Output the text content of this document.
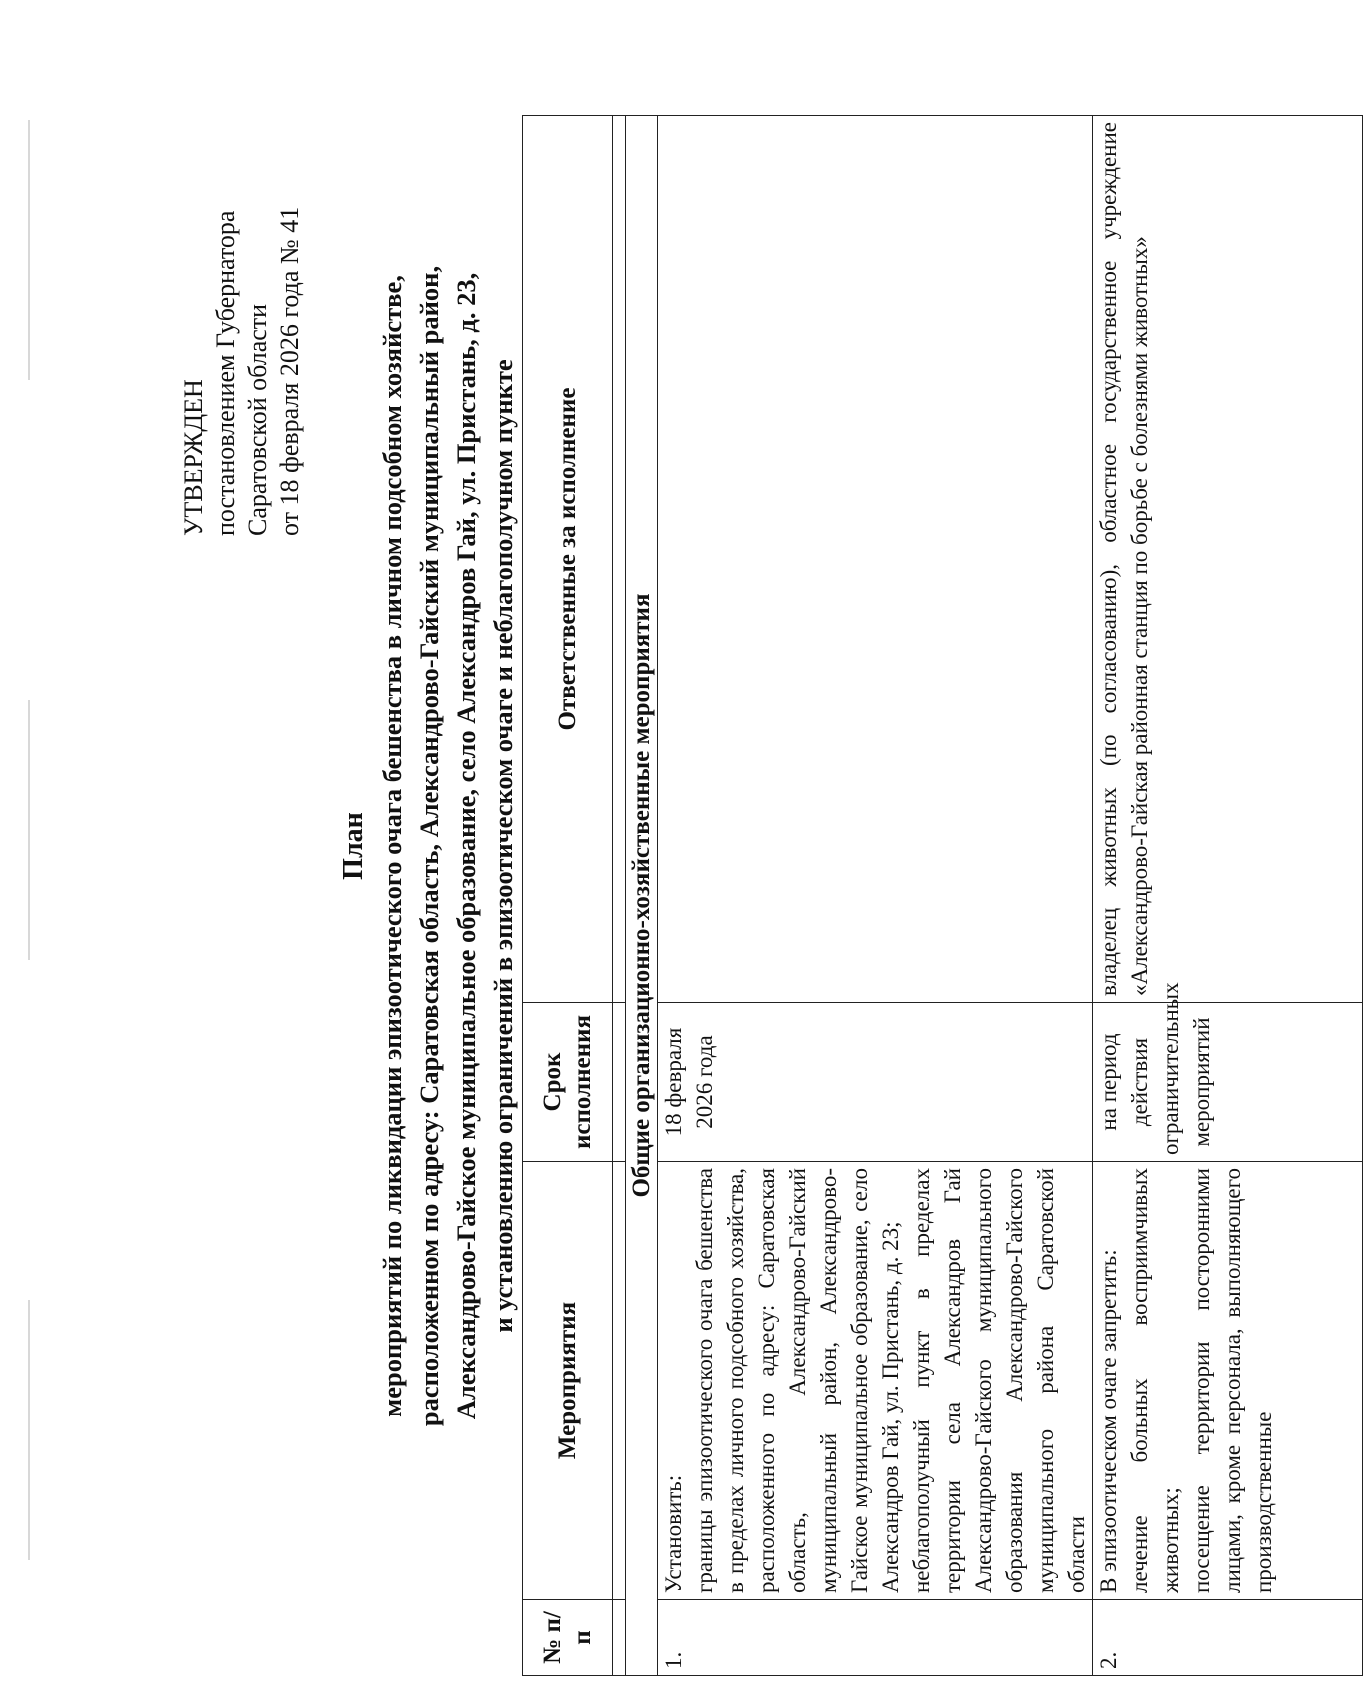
УТВЕРЖДЕН постановлением Губернатора Саратовской области от 18 февраля 2026 года № 41
План мероприятий по ликвидации эпизоотического очага бешенства в личном подсобном хозяйстве, расположенном по адресу: Саратовская область, Александрово-Гайский муниципальный район, Александрово-Гайское муниципальное образование, село Александров Гай, ул. Пристань, д. 23, и установлению ограничений в эпизоотическом очаге и неблагополучном пункте
№ п/п	Мероприятия	Срок исполнения	Ответственные за исполнение

Общие организационно-хозяйственные мероприятия			
1.	Установить: границы эпизоотического очага бешенства в пределах личного подсобного хозяйства, расположенного по адресу: Саратовская область, Александрово-Гайский муниципальный район, Александрово-Гайское муниципальное образование, село Александров Гай, ул. Пристань, д. 23; неблагополучный пункт в пределах территории села Александров Гай Александрово-Гайского муниципального образования Александрово-Гайского муниципального района Саратовской области	18 февраля 2026 года	
2.	В эпизоотическом очаге запретить: лечение больных восприимчивых животных; посещение территории посторонними лицами, кроме персонала, выполняющего производственные	на период действия ограничительных мероприятий	владелец животных (по согласованию), областное государственное учреждение «Александрово-Гайская районная станция по борьбе с болезнями животных»
